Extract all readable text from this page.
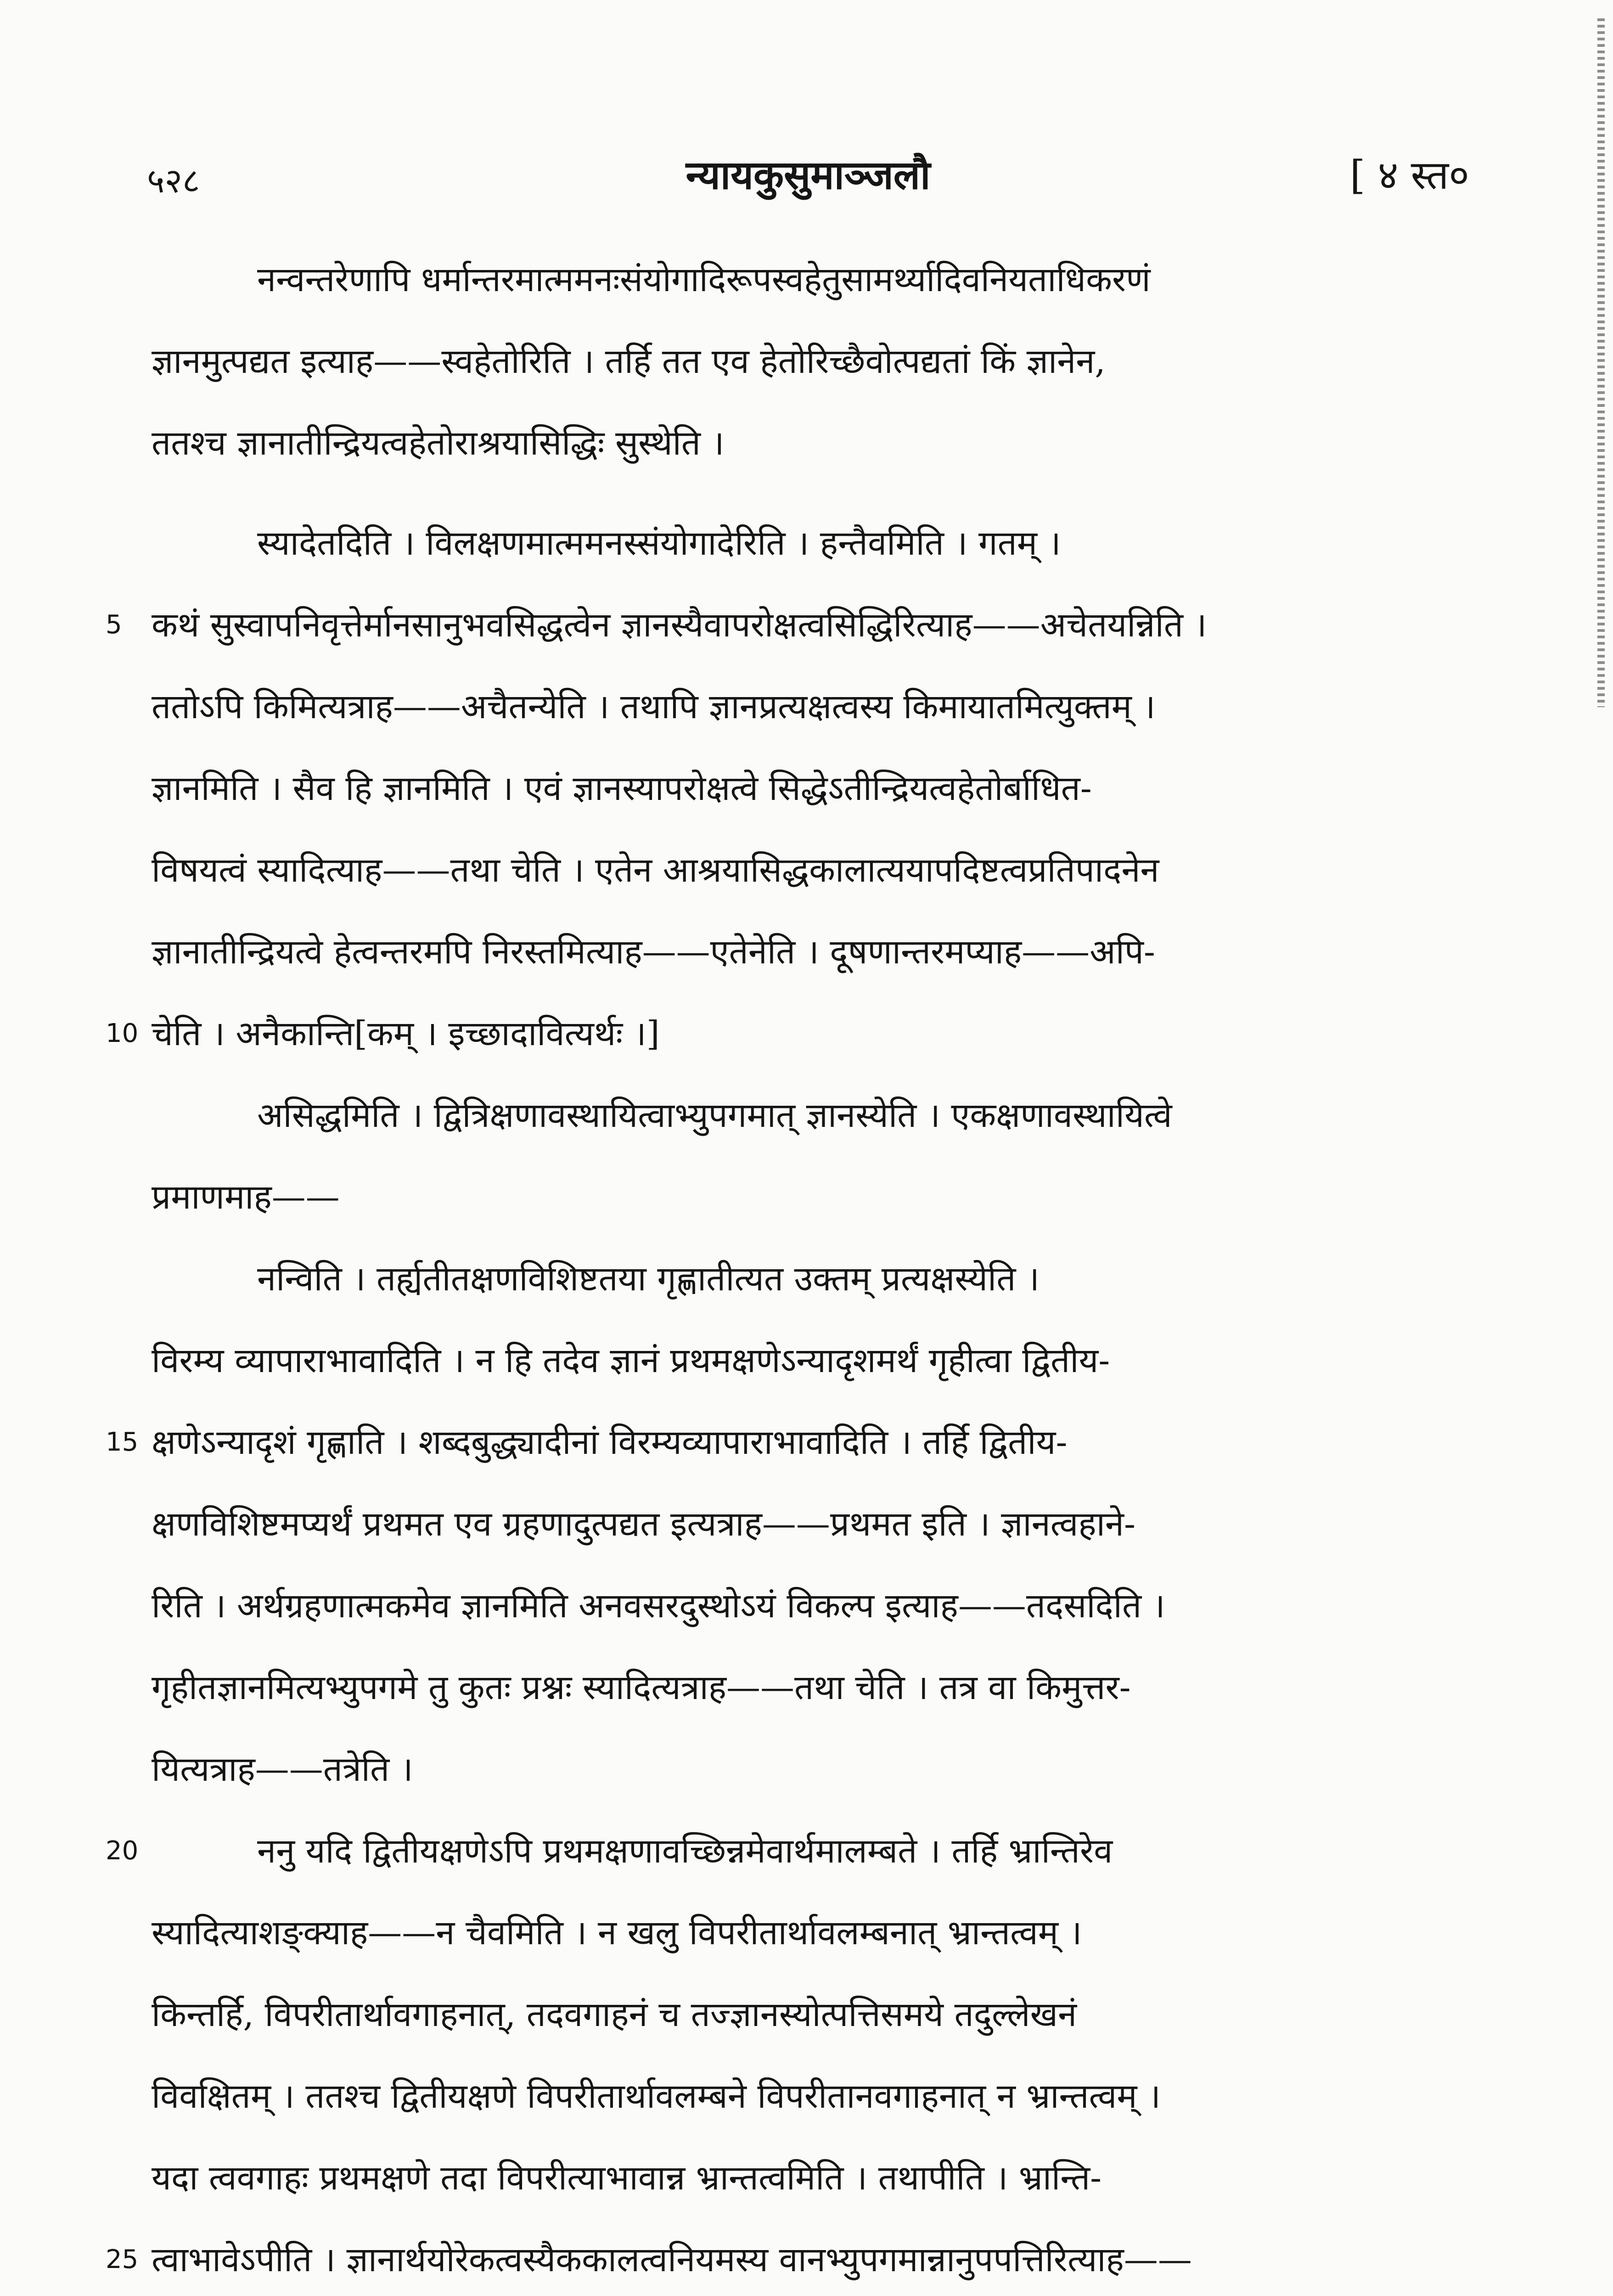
५२८	न्यायकुसुमाञ्जलौ	[ ४ स्त०
नन्वन्तरेणापि धर्मान्तरमात्ममनःसंयोगादिरूपस्वहेतुसामर्थ्यादिवनियताधिकरणं
ज्ञानमुत्पद्यत इत्याह——स्वहेतोरिति । तर्हि तत एव हेतोरिच्छैवोत्पद्यतां किं ज्ञानेन,
ततश्च ज्ञानातीन्द्रियत्वहेतोराश्रयासिद्धिः सुस्थेति ।
स्यादेतदिति । विलक्षणमात्ममनस्संयोगादेरिति । हन्तैवमिति । गतम् ।
5 कथं सुस्वापनिवृत्तेर्मानसानुभवसिद्धत्वेन ज्ञानस्यैवापरोक्षत्वसिद्धिरित्याह——अचेतयन्निति ।
ततोऽपि किमित्यत्राह——अचैतन्येति । तथापि ज्ञानप्रत्यक्षत्वस्य किमायातमित्युक्तम् ।
ज्ञानमिति । सैव हि ज्ञानमिति । एवं ज्ञानस्यापरोक्षत्वे सिद्धेऽतीन्द्रियत्वहेतोर्बाधित-
विषयत्वं स्यादित्याह——तथा चेति । एतेन आश्रयासिद्धकालात्ययापदिष्टत्वप्रतिपादनेन
ज्ञानातीन्द्रियत्वे हेत्वन्तरमपि निरस्तमित्याह——एतेनेति । दूषणान्तरमप्याह——अपि-
10 चेति । अनैकान्ति[कम् । इच्छादावित्यर्थः ।]
असिद्धमिति । द्वित्रिक्षणावस्थायित्वाभ्युपगमात् ज्ञानस्येति । एकक्षणावस्थायित्वे
प्रमाणमाह——
नन्विति । तर्ह्यतीतक्षणविशिष्टतया गृह्णातीत्यत उक्तम् प्रत्यक्षस्येति ।
विरम्य व्यापाराभावादिति । न हि तदेव ज्ञानं प्रथमक्षणेऽन्यादृशमर्थं गृहीत्वा द्वितीय-
15 क्षणेऽन्यादृशं गृह्णाति । शब्दबुद्ध्यादीनां विरम्यव्यापाराभावादिति । तर्हि द्वितीय-
क्षणविशिष्टमप्यर्थं प्रथमत एव ग्रहणादुत्पद्यत इत्यत्राह——प्रथमत इति । ज्ञानत्वहाने-
रिति । अर्थग्रहणात्मकमेव ज्ञानमिति अनवसरदुस्थोऽयं विकल्प इत्याह——तदसदिति ।
गृहीतज्ञानमित्यभ्युपगमे तु कुतः प्रश्नः स्यादित्यत्राह——तथा चेति । तत्र वा किमुत्तर-
यित्यत्राह——तत्रेति ।
20	ननु यदि द्वितीयक्षणेऽपि प्रथमक्षणावच्छिन्नमेवार्थमालम्बते । तर्हि भ्रान्तिरेव
स्यादित्याशङ्क्याह——न चैवमिति । न खलु विपरीतार्थावलम्बनात् भ्रान्तत्वम् ।
किन्तर्हि, विपरीतार्थावगाहनात्, तदवगाहनं च तज्ज्ञानस्योत्पत्तिसमये तदुल्लेखनं
विवक्षितम् । ततश्च द्वितीयक्षणे विपरीतार्थावलम्बने विपरीतानवगाहनात् न भ्रान्तत्वम् ।
यदा त्ववगाहः प्रथमक्षणे तदा विपरीत्याभावान्न भ्रान्तत्वमिति । तथापीति । भ्रान्ति-
25 त्वाभावेऽपीति । ज्ञानार्थयोरेकत्वस्यैककालत्वनियमस्य वानभ्युपगमान्नानुपपत्तिरित्याह——
